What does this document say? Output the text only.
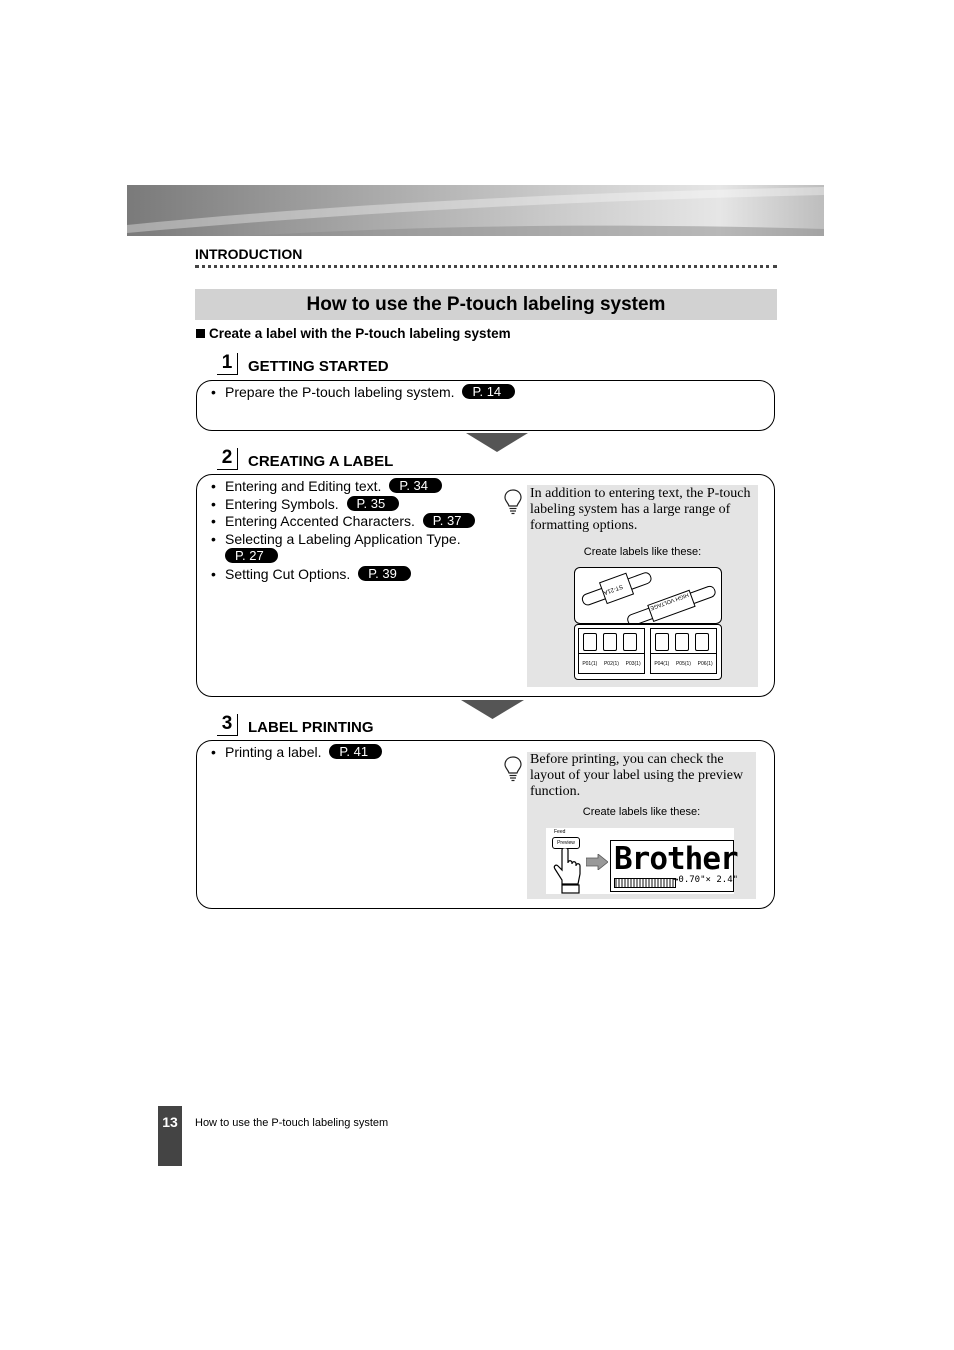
INTRODUCTION
How to use the P-touch labeling system
Create a label with the P-touch labeling system
1	GETTING STARTED
• Prepare the P-touch labeling system. P. 14
2	CREATING A LABEL
• Entering and Editing text. P. 34
• Entering Symbols. P. 35
• Entering Accented Characters. P. 37
• Selecting a Labeling Application Type.
P. 27
• Setting Cut Options. P. 39
In addition to entering text, the P-touch labeling system has a large range of formatting options.
Create labels like these:
ST-21A
HIGH VOLTAGE
P01(1) P02(1) P03(1)	P04(1) P05(1) P06(1)
3	LABEL PRINTING
• Printing a label. P. 41
Before printing, you can check the layout of your label using the preview function.
Create labels like these:
Feed
Preview Brother
→0.70"× 2.4"
13	How to use the P-touch labeling system
